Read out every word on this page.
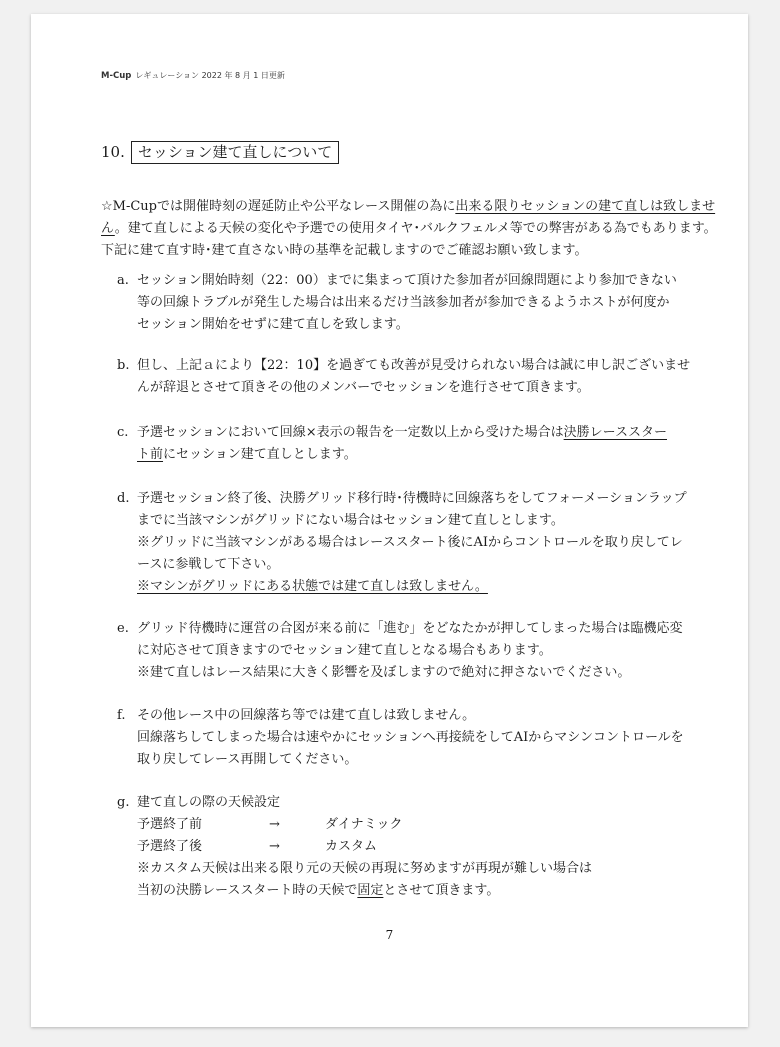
M-Cup レギュレーション 2022 年 8 月 1 日更新
10. セッション建て直しについて

☆M-Cupでは開催時刻の遅延防止や公平なレース開催の為に出来る限りセッションの建て直しは致しませ

ん。建て直しによる天候の変化や予選での使用タイヤ･バルクフェルメ等での弊害がある為でもあります。

下記に建て直す時･建て直さない時の基準を記載しますのでご確認お願い致します。

a. セッション開始時刻（22：00）までに集まって頂けた参加者が回線問題により参加できない

等の回線トラブルが発生した場合は出来るだけ当該参加者が参加できるようホストが何度か

セッション開始をせずに建て直しを致します。

b. 但し、上記ａにより【22：10】を過ぎても改善が見受けられない場合は誠に申し訳ございませ

んが辞退とさせて頂きその他のメンバーでセッションを進行させて頂きます。

c. 予選セッションにおいて回線×表示の報告を一定数以上から受けた場合は決勝レーススター

ト前にセッション建て直しとします。

d. 予選セッション終了後、決勝グリッド移行時･待機時に回線落ちをしてフォーメーションラップ

までに当該マシンがグリッドにない場合はセッション建て直しとします。

※グリッドに当該マシンがある場合はレーススタート後にAIからコントロールを取り戻してレ

ースに参戦して下さい。

※マシンがグリッドにある状態では建て直しは致しません。

e. グリッド待機時に運営の合図が来る前に「進む」をどなたかが押してしまった場合は臨機応変

に対応させて頂きますのでセッション建て直しとなる場合もあります。

※建て直しはレース結果に大きく影響を及ぼしますので絶対に押さないでください。

f. その他レース中の回線落ち等では建て直しは致しません。

回線落ちしてしまった場合は速やかにセッションへ再接続をしてAIからマシンコントロールを

取り戻してレース再開してください。

g. 建て直しの際の天候設定

予選終了前	→	ダイナミック

予選終了後	→	カスタム

※カスタム天候は出来る限り元の天候の再現に努めますが再現が難しい場合は

当初の決勝レーススタート時の天候で固定とさせて頂きます。

7
